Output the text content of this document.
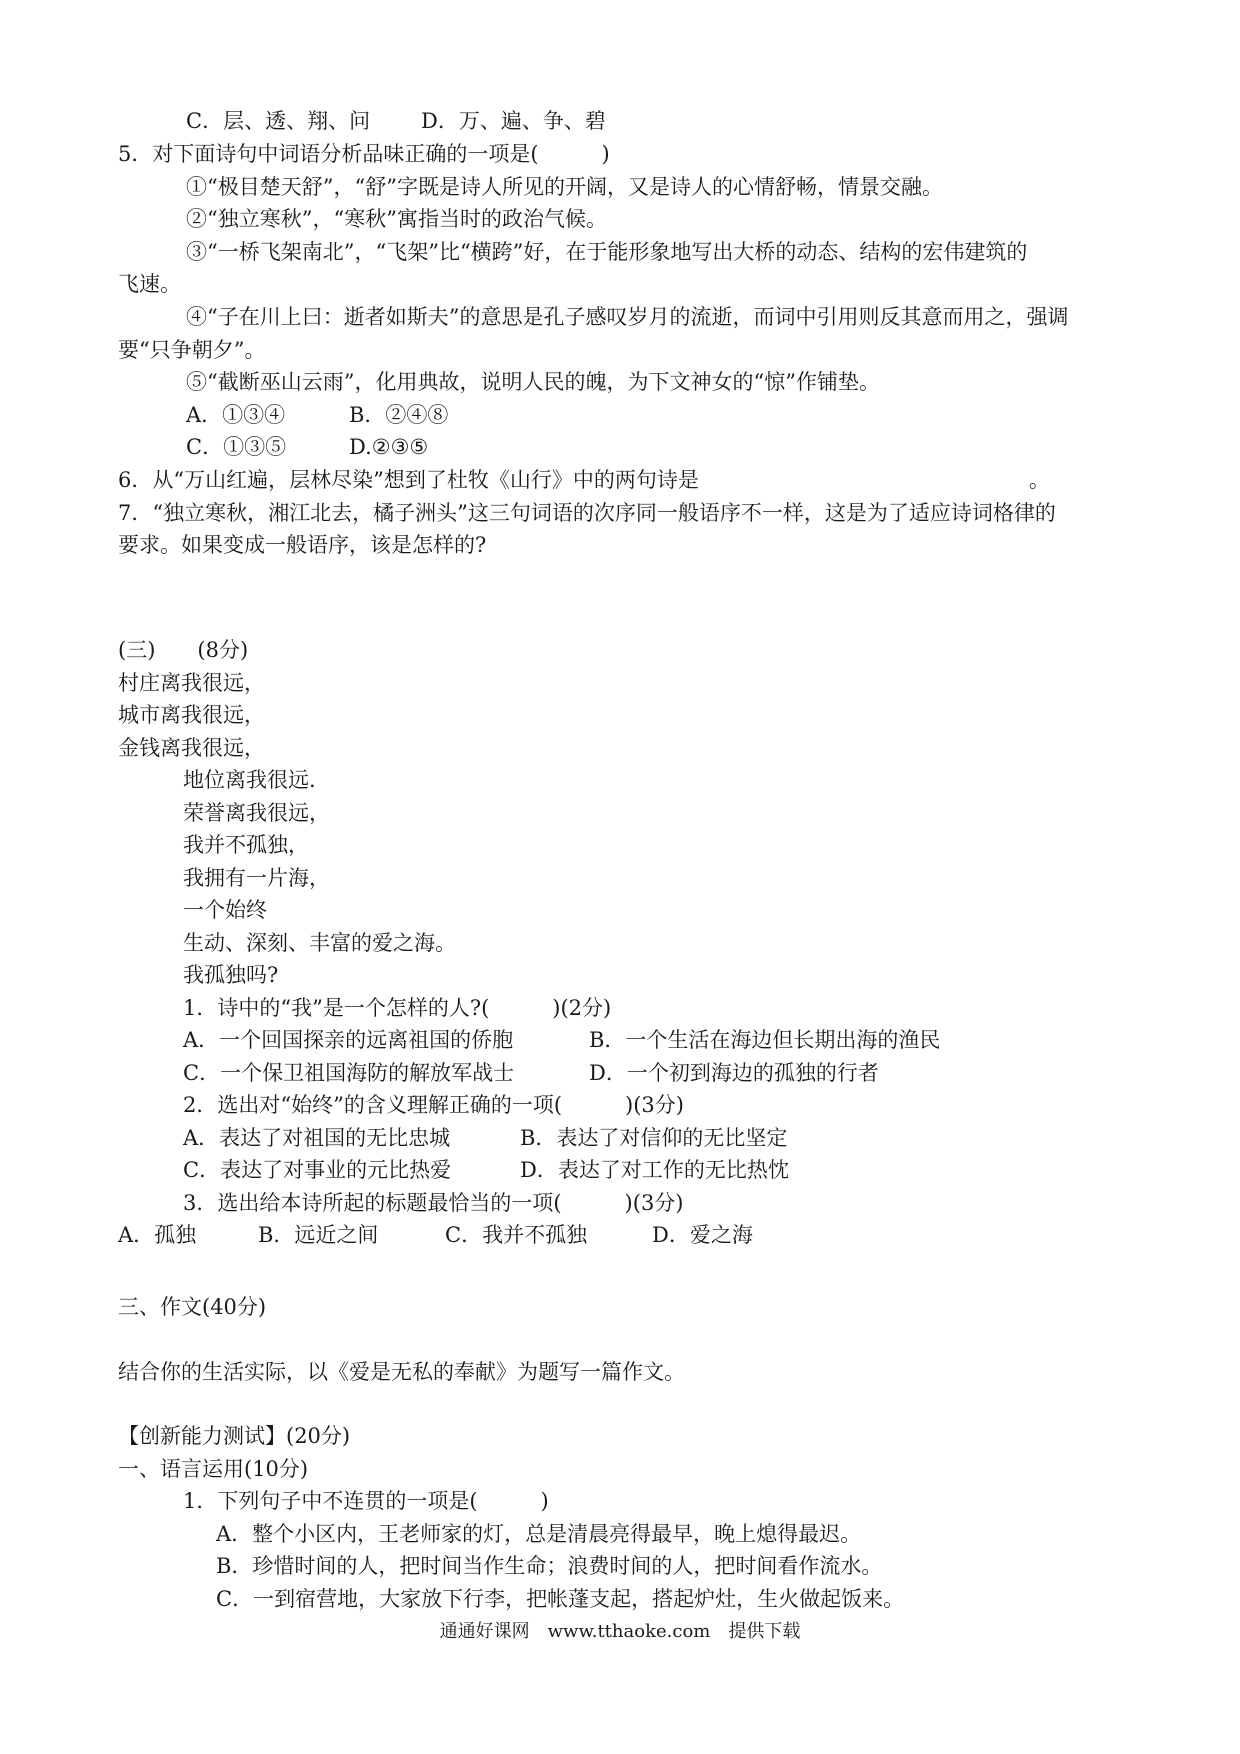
C．层、透、翔、问 D．万、遍、争、碧
5．对下面诗句中词语分析品味正确的一项是(　　　)
①“极目楚天舒”，“舒”字既是诗人所见的开阔，又是诗人的心情舒畅，情景交融。
②“独立寒秋”，“寒秋”寓指当时的政治气候。
③“一桥飞架南北”，“飞架”比“横跨”好，在于能形象地写出大桥的动态、结构的宏伟建筑的
飞速。
④“子在川上曰：逝者如斯夫”的意思是孔子感叹岁月的流逝，而词中引用则反其意而用之，强调
要“只争朝夕”。
⑤“截断巫山云雨”，化用典故，说明人民的魄，为下文神女的“惊”作铺垫。
A．①③④	B．②④⑧
C．①③⑤	D.②③⑤
6．从“万山红遍，层林尽染”想到了杜牧《山行》中的两句诗是	。
7．“独立寒秋，湘江北去，橘子洲头”这三句词语的次序同一般语序不一样，这是为了适应诗词格律的
要求。如果变成一般语序，该是怎样的?
(三)　　(8分)
村庄离我很远，
城市离我很远，
金钱离我很远，
地位离我很远.
荣誉离我很远，
我并不孤独，
我拥有一片海，
一个始终
生动、深刻、丰富的爱之海。
我孤独吗?
1．诗中的“我”是一个怎样的人?(　　　)(2分)
A．一个回国探亲的远离祖国的侨胞	B．一个生活在海边但长期出海的渔民
C．一个保卫祖国海防的解放军战士	D．一个初到海边的孤独的行者
2．选出对“始终”的含义理解正确的一项(　　　)(3分)
A．表达了对祖国的无比忠城	B．表达了对信仰的无比坚定
C．表达了对事业的元比热爱	D．表达了对工作的无比热忱
3．选出给本诗所起的标题最恰当的一项(　　　)(3分)
A．孤独	B．远近之间	C．我并不孤独	D．爱之海
三、作文(40分)
结合你的生活实际，以《爱是无私的奉献》为题写一篇作文。
【创新能力测试】(20分)
一、语言运用(10分)
1．下列句子中不连贯的一项是(　　　)
A．整个小区内，王老师家的灯，总是清晨亮得最早，晚上熄得最迟。
B．珍惜时间的人，把时间当作生命；浪费时间的人，把时间看作流水。
C．一到宿营地，大家放下行李，把帐蓬支起，搭起炉灶，生火做起饭来。
通通好课网　www.tthaoke.com　提供下载
